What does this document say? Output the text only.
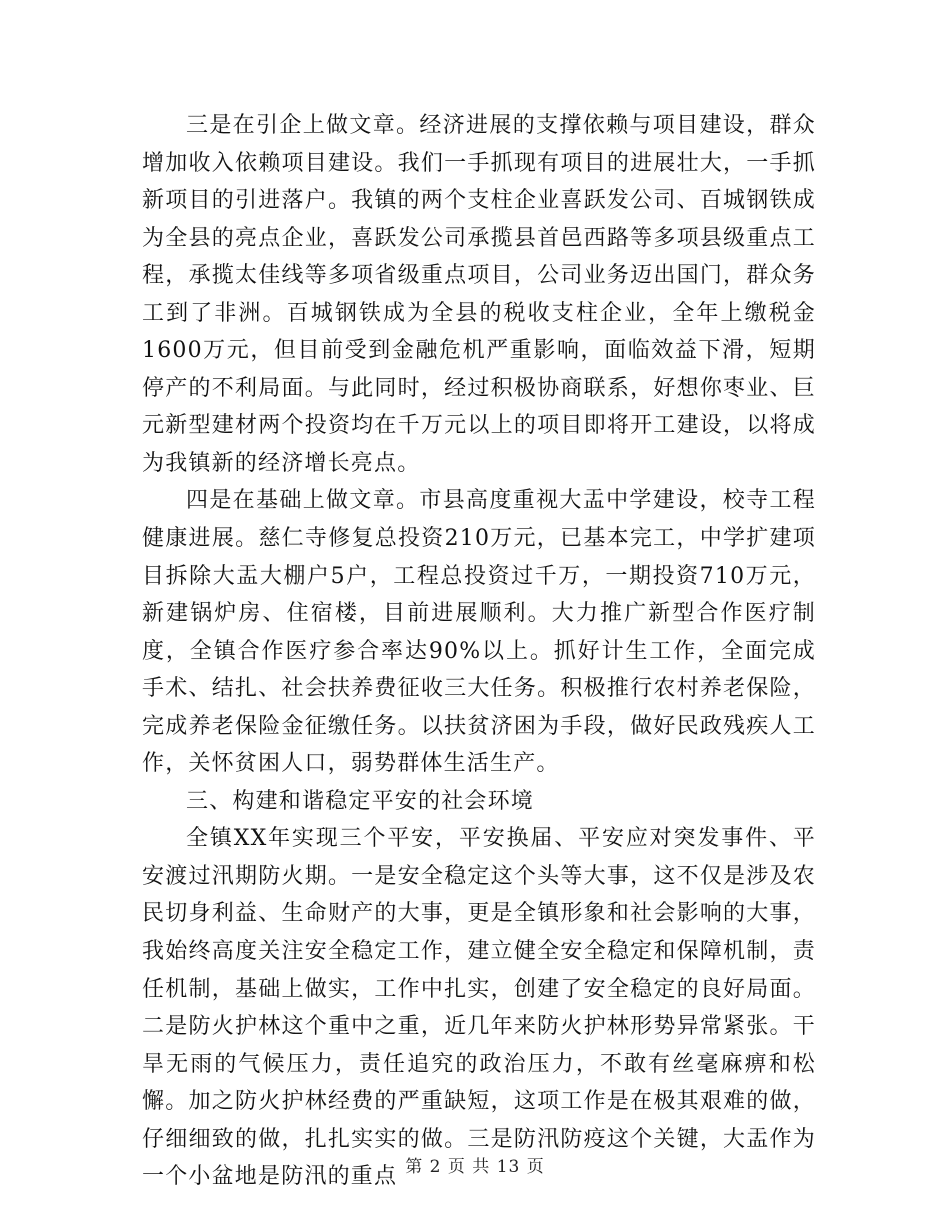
三是在引企上做文章。经济进展的支撑依赖与项目建设，群众增加收入依赖项目建设。我们一手抓现有项目的进展壮大，一手抓新项目的引进落户。我镇的两个支柱企业喜跃发公司、百城钢铁成为全县的亮点企业，喜跃发公司承揽县首邑西路等多项县级重点工程，承揽太佳线等多项省级重点项目，公司业务迈出国门，群众务工到了非洲。百城钢铁成为全县的税收支柱企业，全年上缴税金1600万元，但目前受到金融危机严重影响，面临效益下滑，短期停产的不利局面。与此同时，经过积极协商联系，好想你枣业、巨元新型建材两个投资均在千万元以上的项目即将开工建设，以将成为我镇新的经济增长亮点。

四是在基础上做文章。市县高度重视大盂中学建设，校寺工程健康进展。慈仁寺修复总投资210万元，已基本完工，中学扩建项目拆除大盂大棚户5户，工程总投资过千万，一期投资710万元，新建锅炉房、住宿楼，目前进展顺利。大力推广新型合作医疗制度，全镇合作医疗参合率达90%以上。抓好计生工作，全面完成手术、结扎、社会扶养费征收三大任务。积极推行农村养老保险，完成养老保险金征缴任务。以扶贫济困为手段，做好民政残疾人工作，关怀贫困人口，弱势群体生活生产。

三、构建和谐稳定平安的社会环境

全镇XX年实现三个平安，平安换届、平安应对突发事件、平安渡过汛期防火期。一是安全稳定这个头等大事，这不仅是涉及农民切身利益、生命财产的大事，更是全镇形象和社会影响的大事，我始终高度关注安全稳定工作，建立健全安全稳定和保障机制，责任机制，基础上做实，工作中扎实，创建了安全稳定的良好局面。二是防火护林这个重中之重，近几年来防火护林形势异常紧张。干旱无雨的气候压力，责任追究的政治压力，不敢有丝毫麻痹和松懈。加之防火护林经费的严重缺短，这项工作是在极其艰难的做，仔细细致的做，扎扎实实的做。三是防汛防疫这个关键，大盂作为一个小盆地是防汛的重点 第 2 页 共 13 页
